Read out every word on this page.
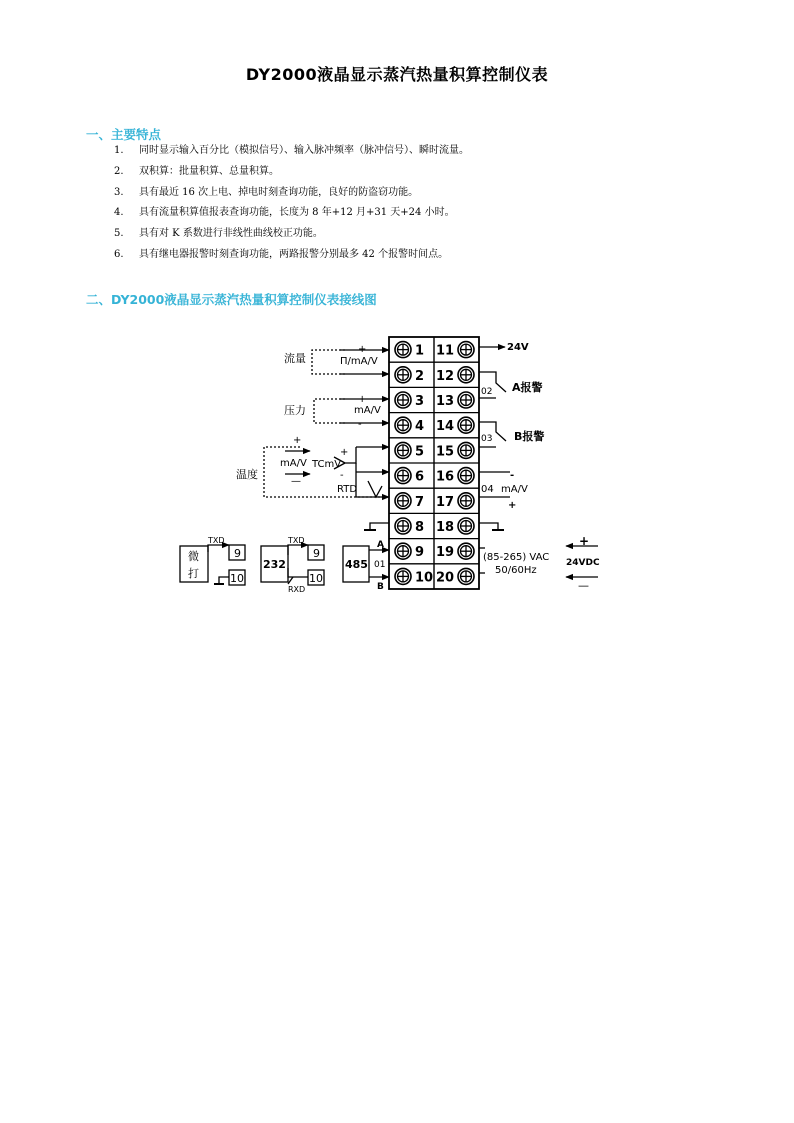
DY2000液晶显示蒸汽热量积算控制仪表
一、主要特点
1. 同时显示输入百分比（模拟信号）、输入脉冲频率（脉冲信号）、瞬时流量。
2. 双积算：批量积算、总量积算。
3. 具有最近 16 次上电、掉电时刻查询功能，良好的防盗窃功能。
4. 具有流量积算值报表查询功能，长度为 8 年+12 月+31 天+24 小时。
5. 具有对 K 系数进行非线性曲线校正功能。
6. 具有继电器报警时刻查询功能，两路报警分别最多 42 个报警时间点。
二、DY2000液晶显示蒸汽热量积算控制仪表接线图
1 11
2 12
3 13
4 14
5 15
6 16
7 17
8 18
9 19
10 20
流量
+
Π/mA/V
-
压力
+
mA/V
-
温度
+
mA/V
—
+
TCmV
-
RTD
24V
02 A报警
03 B报警
-
04 mA/V
+
(85-265) VAC
50/60Hz
+
24VDC
—
A
01
B
485
232
TXD
RXD
9
10
微
打
TXD
9
10
